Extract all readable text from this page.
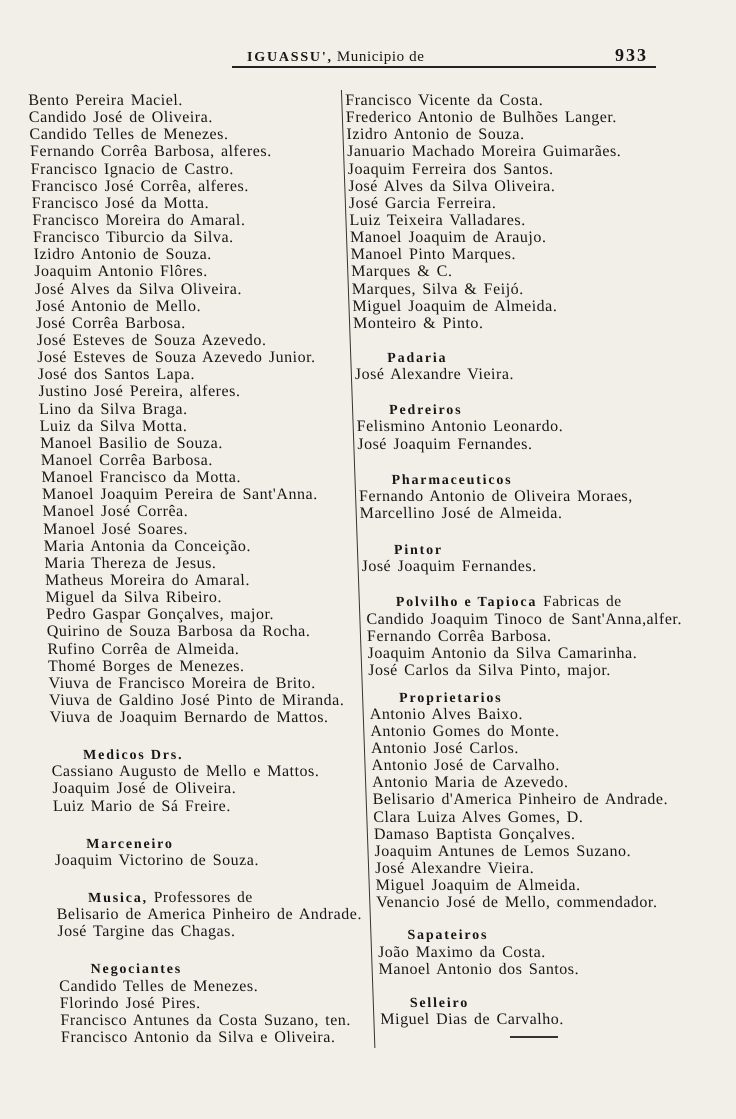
IGUASSU', Municipio de	933
Bento Pereira Maciel.
Candido José de Oliveira.
Candido Telles de Menezes.
Fernando Corrêa Barbosa, alferes.
Francisco Ignacio de Castro.
Francisco José Corrêa, alferes.
Francisco José da Motta.
Francisco Moreira do Amaral.
Francisco Tiburcio da Silva.
Izidro Antonio de Souza.
Joaquim Antonio Flôres.
José Alves da Silva Oliveira.
José Antonio de Mello.
José Corrêa Barbosa.
José Esteves de Souza Azevedo.
José Esteves de Souza Azevedo Junior.
José dos Santos Lapa.
Justino José Pereira, alferes.
Lino da Silva Braga.
Luiz da Silva Motta.
Manoel Basilio de Souza.
Manoel Corrêa Barbosa.
Manoel Francisco da Motta.
Manoel Joaquim Pereira de Sant'Anna.
Manoel José Corrêa.
Manoel José Soares.
Maria Antonia da Conceição.
Maria Thereza de Jesus.
Matheus Moreira do Amaral.
Miguel da Silva Ribeiro.
Pedro Gaspar Gonçalves, major.
Quirino de Souza Barbosa da Rocha.
Rufino Corrêa de Almeida.
Thomé Borges de Menezes.
Viuva de Francisco Moreira de Brito.
Viuva de Galdino José Pinto de Miranda.
Viuva de Joaquim Bernardo de Mattos.
Medicos Drs.
Cassiano Augusto de Mello e Mattos.
Joaquim José de Oliveira.
Luiz Mario de Sá Freire.
Marceneiro
Joaquim Victorino de Souza.
Musica, Professores de
Belisario de America Pinheiro de Andrade.
José Targine das Chagas.
Negociantes
Candido Telles de Menezes.
Florindo José Pires.
Francisco Antunes da Costa Suzano, ten.
Francisco Antonio da Silva e Oliveira.
Francisco Vicente da Costa.
Frederico Antonio de Bulhões Langer.
Izidro Antonio de Souza.
Januario Machado Moreira Guimarães.
Joaquim Ferreira dos Santos.
José Alves da Silva Oliveira.
José Garcia Ferreira.
Luiz Teixeira Valladares.
Manoel Joaquim de Araujo.
Manoel Pinto Marques.
Marques & C.
Marques, Silva & Feijó.
Miguel Joaquim de Almeida.
Monteiro & Pinto.
Padaria
José Alexandre Vieira.
Pedreiros
Felismino Antonio Leonardo.
José Joaquim Fernandes.
Pharmaceuticos
Fernando Antonio de Oliveira Moraes,
Marcellino José de Almeida.
Pintor
José Joaquim Fernandes.
Polvilho e Tapioca Fabricas de
Candido Joaquim Tinoco de Sant'Anna,alfer.
Fernando Corrêa Barbosa.
Joaquim Antonio da Silva Camarinha.
José Carlos da Silva Pinto, major.
Proprietarios
Antonio Alves Baixo.
Antonio Gomes do Monte.
Antonio José Carlos.
Antonio José de Carvalho.
Antonio Maria de Azevedo.
Belisario d'America Pinheiro de Andrade.
Clara Luiza Alves Gomes, D.
Damaso Baptista Gonçalves.
Joaquim Antunes de Lemos Suzano.
José Alexandre Vieira.
Miguel Joaquim de Almeida.
Venancio José de Mello, commendador.
Sapateiros
João Maximo da Costa.
Manoel Antonio dos Santos.
Selleiro
Miguel Dias de Carvalho.
